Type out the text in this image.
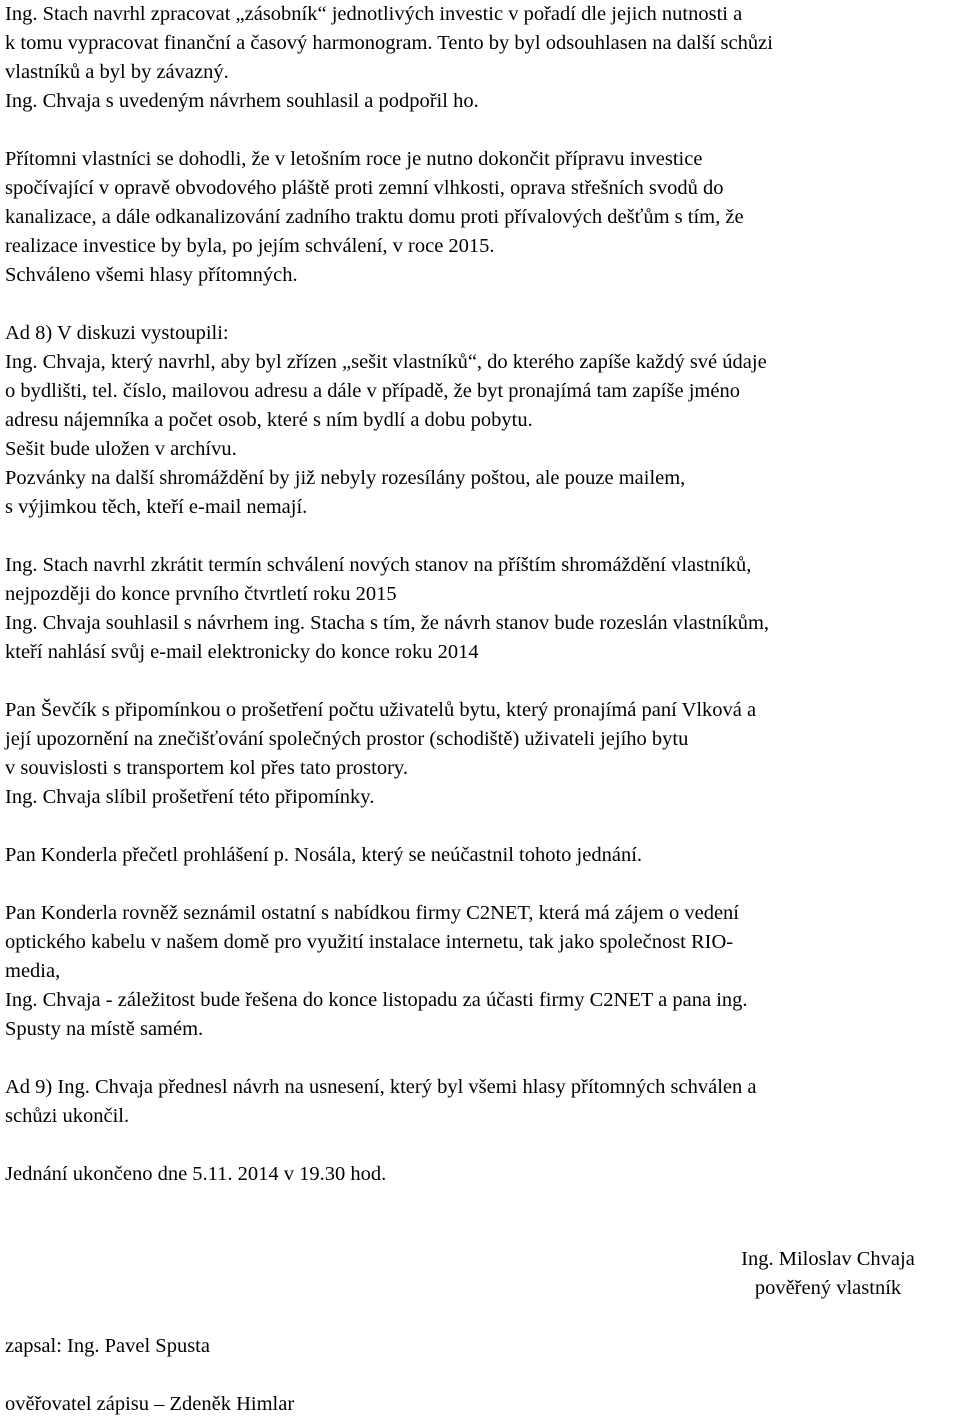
Ing. Stach navrhl zpracovat „zásobník“ jednotlivých investic v pořadí dle jejich nutnosti a
k tomu vypracovat finanční a časový harmonogram. Tento by byl odsouhlasen na další schůzi
vlastníků a byl by závazný.
Ing. Chvaja s uvedeným návrhem souhlasil a podpořil ho.
Přítomni vlastníci se dohodli, že v letošním roce je nutno dokončit přípravu investice
spočívající v opravě obvodového pláště proti zemní vlhkosti, oprava střešních svodů do
kanalizace, a dále odkanalizování zadního traktu domu proti přívalových dešťům s tím, že
realizace investice by byla, po jejím schválení, v roce 2015.
Schváleno všemi hlasy přítomných.
Ad 8) V diskuzi vystoupili:
Ing. Chvaja, který navrhl, aby byl zřízen „sešit vlastníků“, do kterého zapíše každý své údaje
o bydlišti, tel. číslo, mailovou adresu a dále v případě, že byt pronajímá tam zapíše jméno
adresu nájemníka a počet osob, které s ním bydlí a dobu pobytu.
Sešit bude uložen v archívu.
Pozvánky na další shromáždění by již nebyly rozesílány poštou, ale pouze mailem,
s výjimkou těch, kteří e-mail nemají.
Ing. Stach navrhl zkrátit termín schválení nových stanov na příštím shromáždění vlastníků,
nejpozději do konce prvního čtvrtletí roku 2015
Ing. Chvaja souhlasil s návrhem ing. Stacha s tím, že návrh stanov bude rozeslán vlastníkům,
kteří nahlásí svůj e-mail elektronicky do konce roku 2014
Pan Ševčík s připomínkou o prošetření počtu uživatelů bytu, který pronajímá paní Vlková a
její upozornění na znečišťování společných prostor (schodiště) uživateli jejího bytu
v souvislosti s transportem kol přes tato prostory.
Ing. Chvaja slíbil prošetření této připomínky.
Pan Konderla přečetl prohlášení p. Nosála, který se neúčastnil tohoto jednání.
Pan Konderla rovněž seznámil ostatní s nabídkou firmy C2NET, která má zájem o vedení
optického kabelu v našem domě pro využití instalace internetu, tak jako společnost RIO-
media,
Ing. Chvaja - záležitost bude řešena do konce listopadu za účasti firmy C2NET a pana ing.
Spusty na místě samém.
Ad 9) Ing. Chvaja přednesl návrh na usnesení, který byl všemi hlasy přítomných schválen a
schůzi ukončil.
Jednání ukončeno dne 5.11. 2014 v 19.30 hod.
Ing. Miloslav Chvaja
pověřený vlastník
zapsal: Ing. Pavel Spusta
ověřovatel zápisu – Zdeněk Himlar
